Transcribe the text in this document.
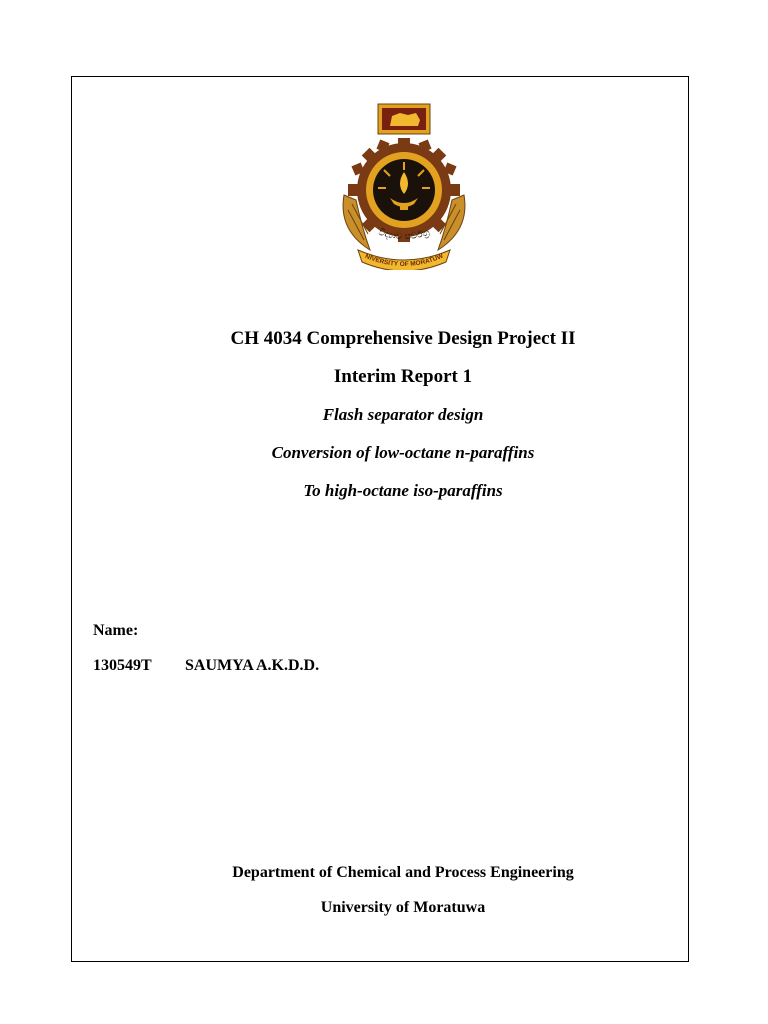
විද්‍යාව සර්වත්‍ර
NIVERSITY OF MORATUW
CH 4034 Comprehensive Design Project II
Interim Report 1
Flash separator design
Conversion of low-octane n-paraffins
To high-octane iso-paraffins
Name:
130549T SAUMYA A.K.D.D.
Department of Chemical and Process Engineering
University of Moratuwa
